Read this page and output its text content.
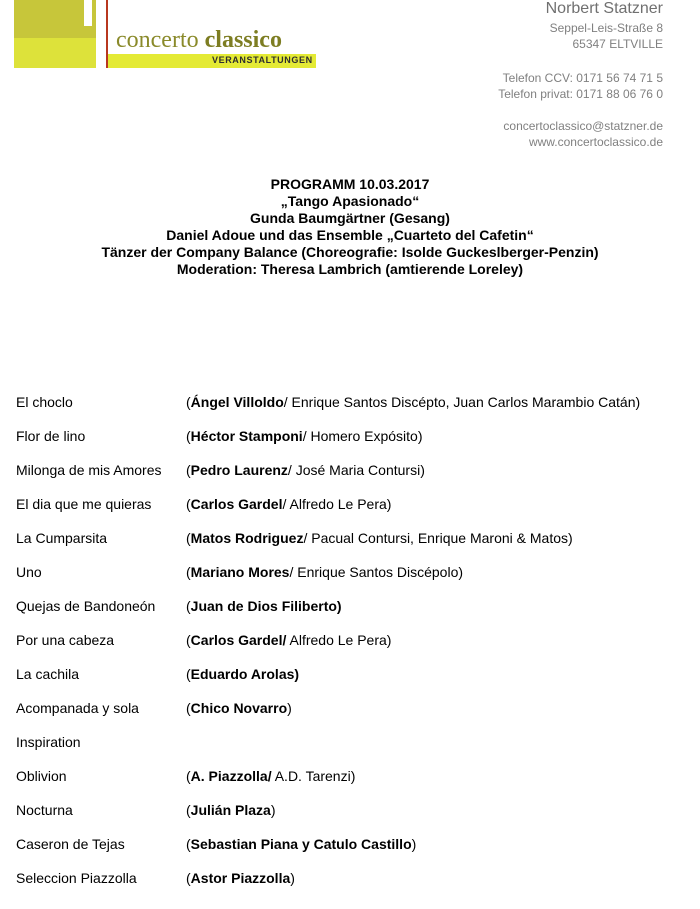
concerto classico
VERANSTALTUNGEN
Norbert Statzner
Seppel-Leis-Straße 8
65347 ELTVILLE
Telefon CCV: 0171 56 74 71 5
Telefon privat: 0171 88 06 76 0
concertoclassico@statzner.de
www.concertoclassico.de
PROGRAMM 10.03.2017
„Tango Apasionado“
Gunda Baumgärtner (Gesang)
Daniel Adoue und das Ensemble „Cuarteto del Cafetin“
Tänzer der Company Balance (Choreografie: Isolde Guckeslberger-Penzin)
Moderation: Theresa Lambrich (amtierende Loreley)
El choclo	(Ángel Villoldo/ Enrique Santos Discépto, Juan Carlos Marambio Catán)
Flor de lino	(Héctor Stamponi/ Homero Expósito)
Milonga de mis Amores (Pedro Laurenz/ José Maria Contursi)
El dia que me quieras (Carlos Gardel/ Alfredo Le Pera)
La Cumparsita	(Matos Rodriguez/ Pacual Contursi, Enrique Maroni & Matos)
Uno	(Mariano Mores/ Enrique Santos Discépolo)
Quejas de Bandoneón (Juan de Dios Filiberto)
Por una cabeza	(Carlos Gardel/ Alfredo Le Pera)
La cachila	(Eduardo Arolas)
Acompanada y sola	(Chico Novarro)
Inspiration
Oblivion	(A. Piazzolla/ A.D. Tarenzi)
Nocturna	(Julián Plaza)
Caseron de Tejas	(Sebastian Piana y Catulo Castillo)
Seleccion Piazzolla	(Astor Piazzolla)
